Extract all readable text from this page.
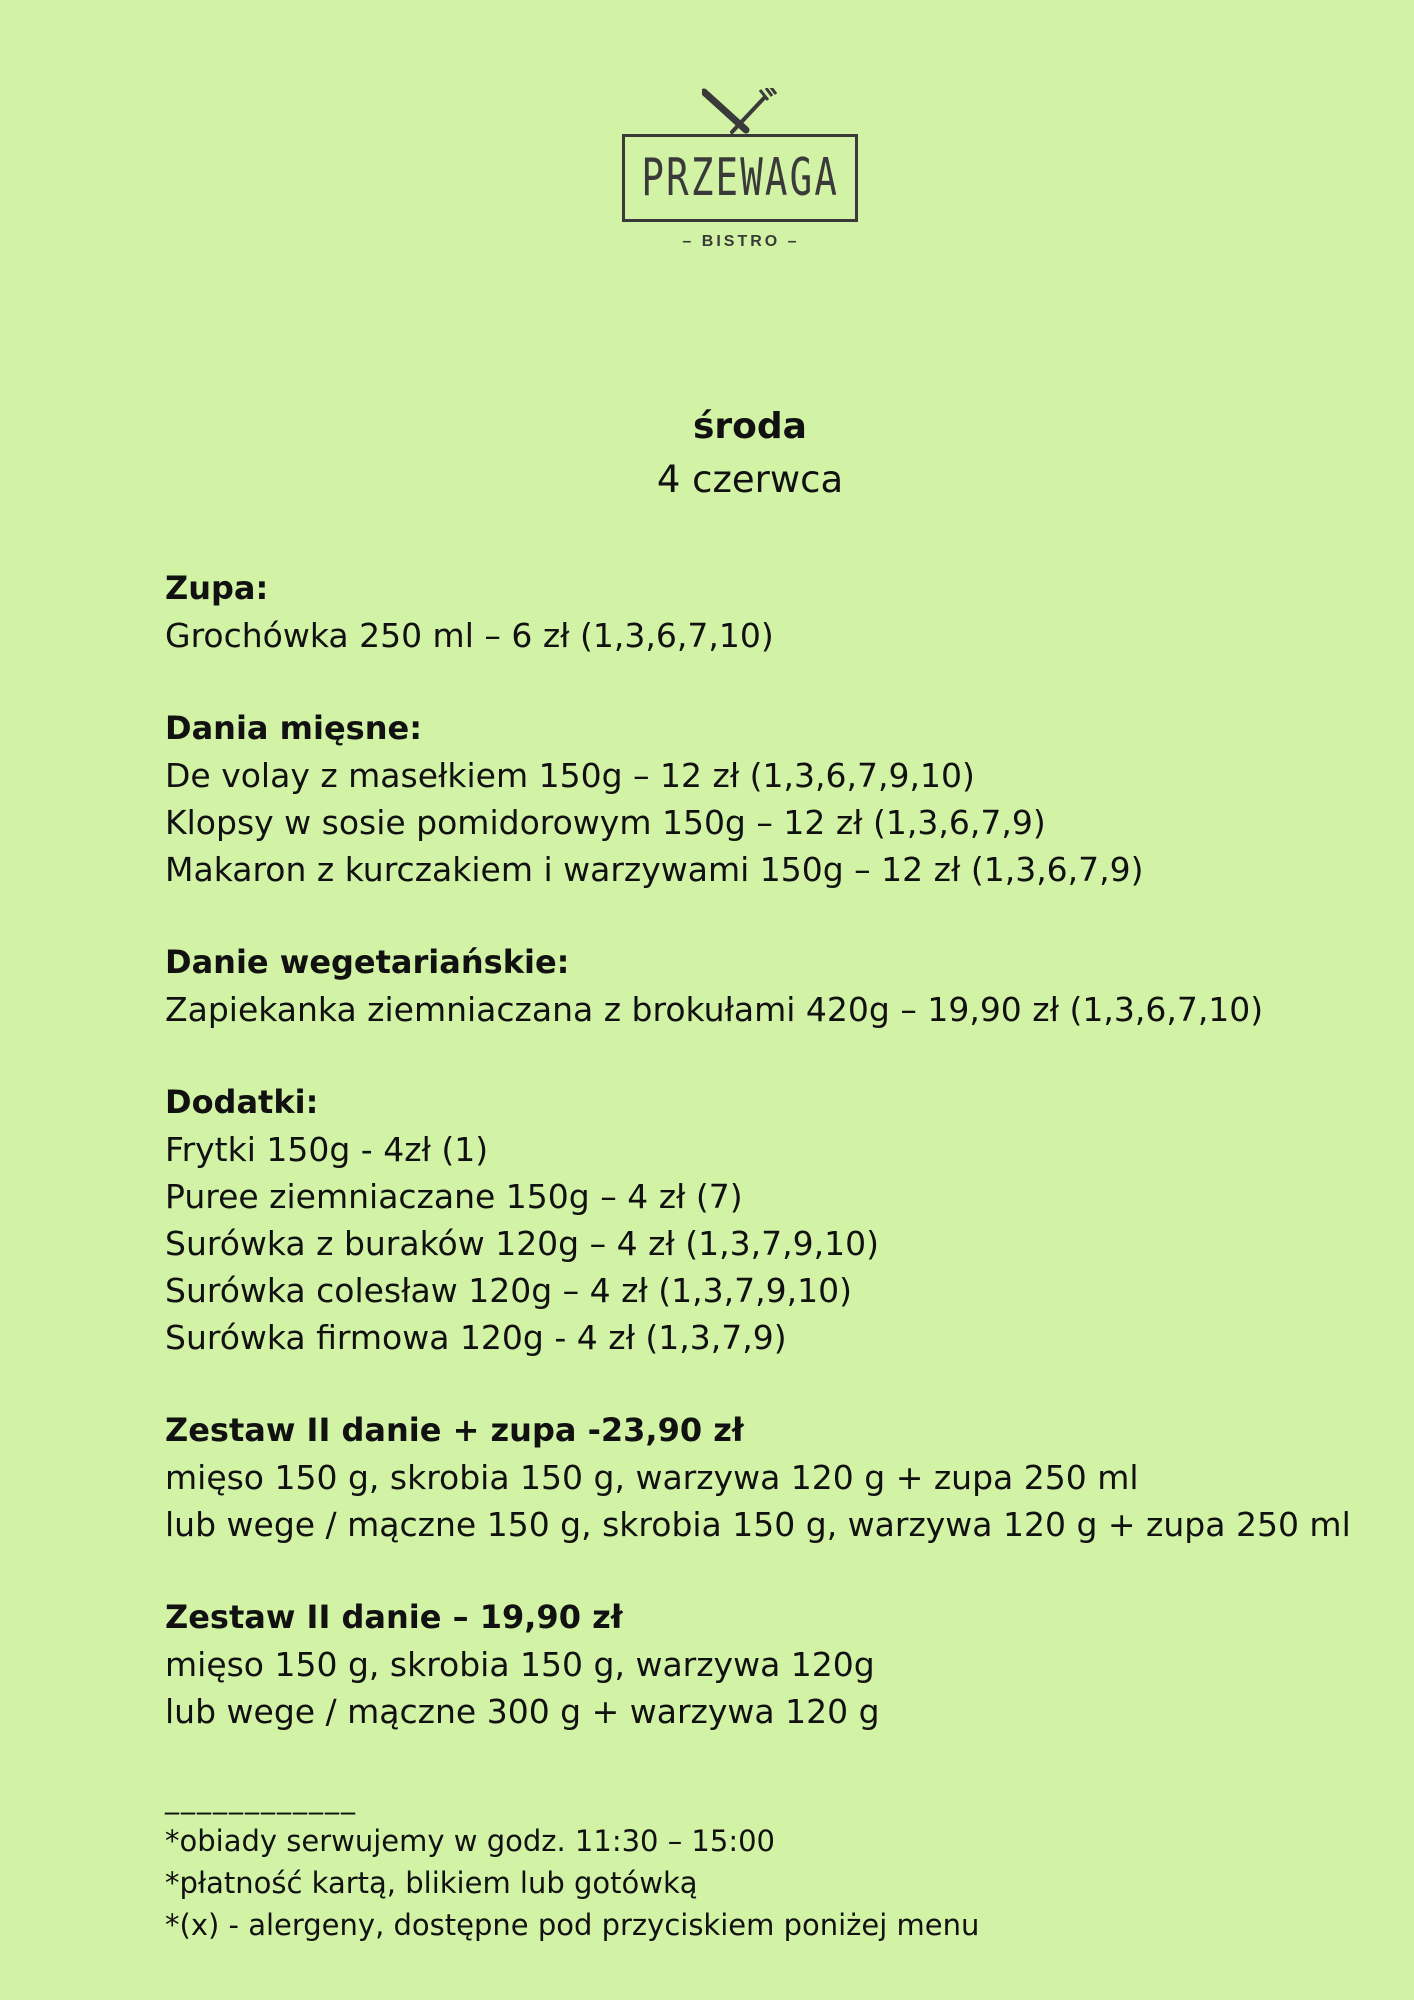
PRZEWAGA
– BISTRO –
środa
4 czerwca
Zupa:
Grochówka 250 ml – 6 zł (1,3,6,7,10)
Dania mięsne:
De volay z masełkiem 150g – 12 zł (1,3,6,7,9,10)
Klopsy w sosie pomidorowym 150g – 12 zł (1,3,6,7,9)
Makaron z kurczakiem i warzywami 150g – 12 zł (1,3,6,7,9)
Danie wegetariańskie:
Zapiekanka ziemniaczana z brokułami 420g – 19,90 zł (1,3,6,7,10)
Dodatki:
Frytki 150g - 4zł (1)
Puree ziemniaczane 150g – 4 zł (7)
Surówka z buraków 120g – 4 zł (1,3,7,9,10)
Surówka colesław 120g – 4 zł (1,3,7,9,10)
Surówka firmowa 120g - 4 zł (1,3,7,9)
Zestaw II danie + zupa -23,90 zł
mięso 150 g, skrobia 150 g, warzywa 120 g + zupa 250 ml
lub wege / mączne 150 g, skrobia 150 g, warzywa 120 g + zupa 250 ml
Zestaw II danie – 19,90 zł
mięso 150 g, skrobia 150 g, warzywa 120g
lub wege / mączne 300 g + warzywa 120 g
____________
*obiady serwujemy w godz. 11:30 – 15:00
*płatność kartą, blikiem lub gotówką
*(x) - alergeny, dostępne pod przyciskiem poniżej menu
